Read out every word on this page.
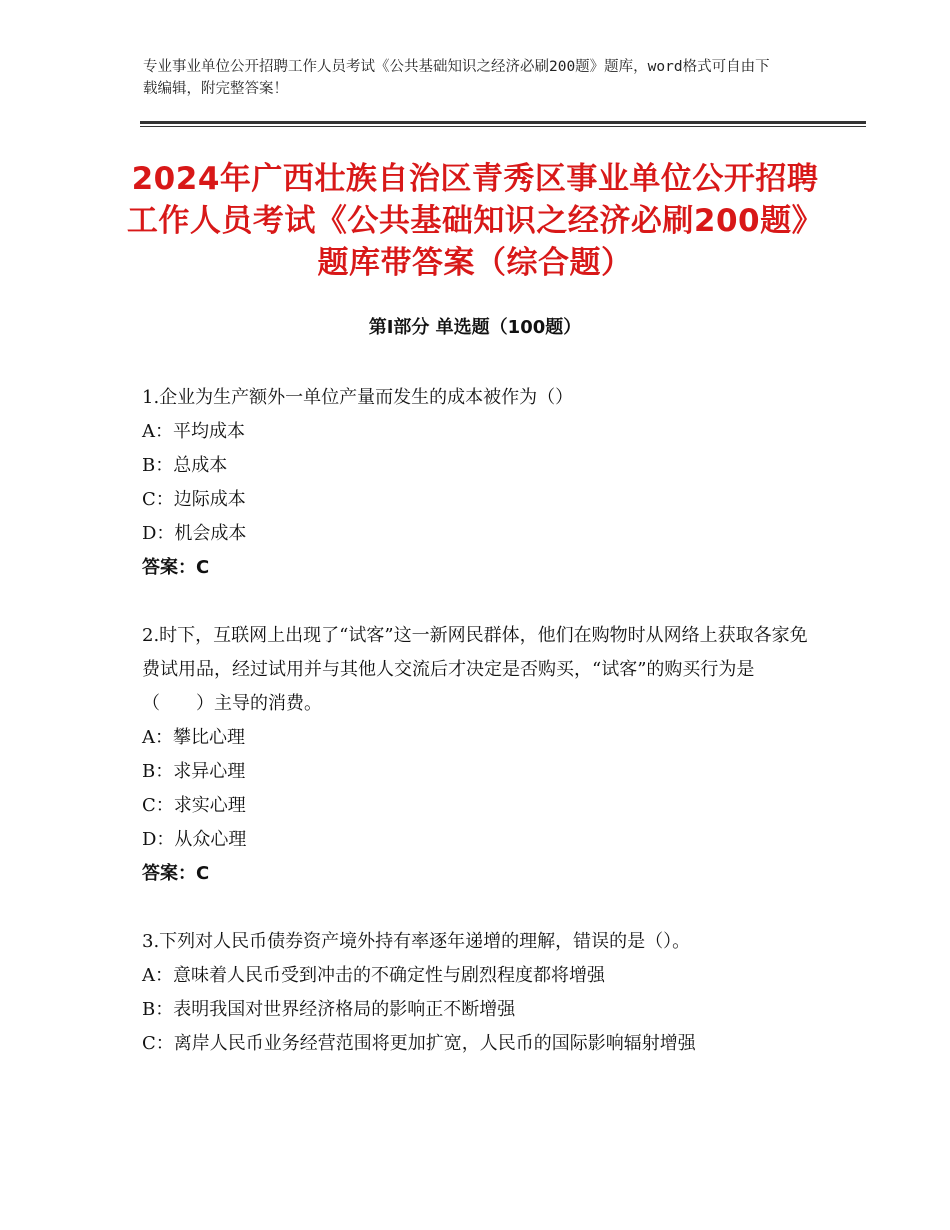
专业事业单位公开招聘工作人员考试《公共基础知识之经济必刷200题》题库，word格式可自由下载编辑，附完整答案！
2024年广西壮族自治区青秀区事业单位公开招聘工作人员考试《公共基础知识之经济必刷200题》题库带答案（综合题）
第Ⅰ部分 单选题（100题）

1.企业为生产额外一单位产量而发生的成本被作为（）

A：平均成本

B：总成本

C：边际成本

D：机会成本

答案：C

2.时下，互联网上出现了“试客”这一新网民群体，他们在购物时从网络上获取各家免费试用品，经过试用并与其他人交流后才决定是否购买，“试客”的购买行为是（　　）主导的消费。

A：攀比心理

B：求异心理

C：求实心理

D：从众心理

答案：C

3.下列对人民币债券资产境外持有率逐年递增的理解，错误的是（）。

A：意味着人民币受到冲击的不确定性与剧烈程度都将增强

B：表明我国对世界经济格局的影响正不断增强

C：离岸人民币业务经营范围将更加扩宽，人民币的国际影响辐射增强
